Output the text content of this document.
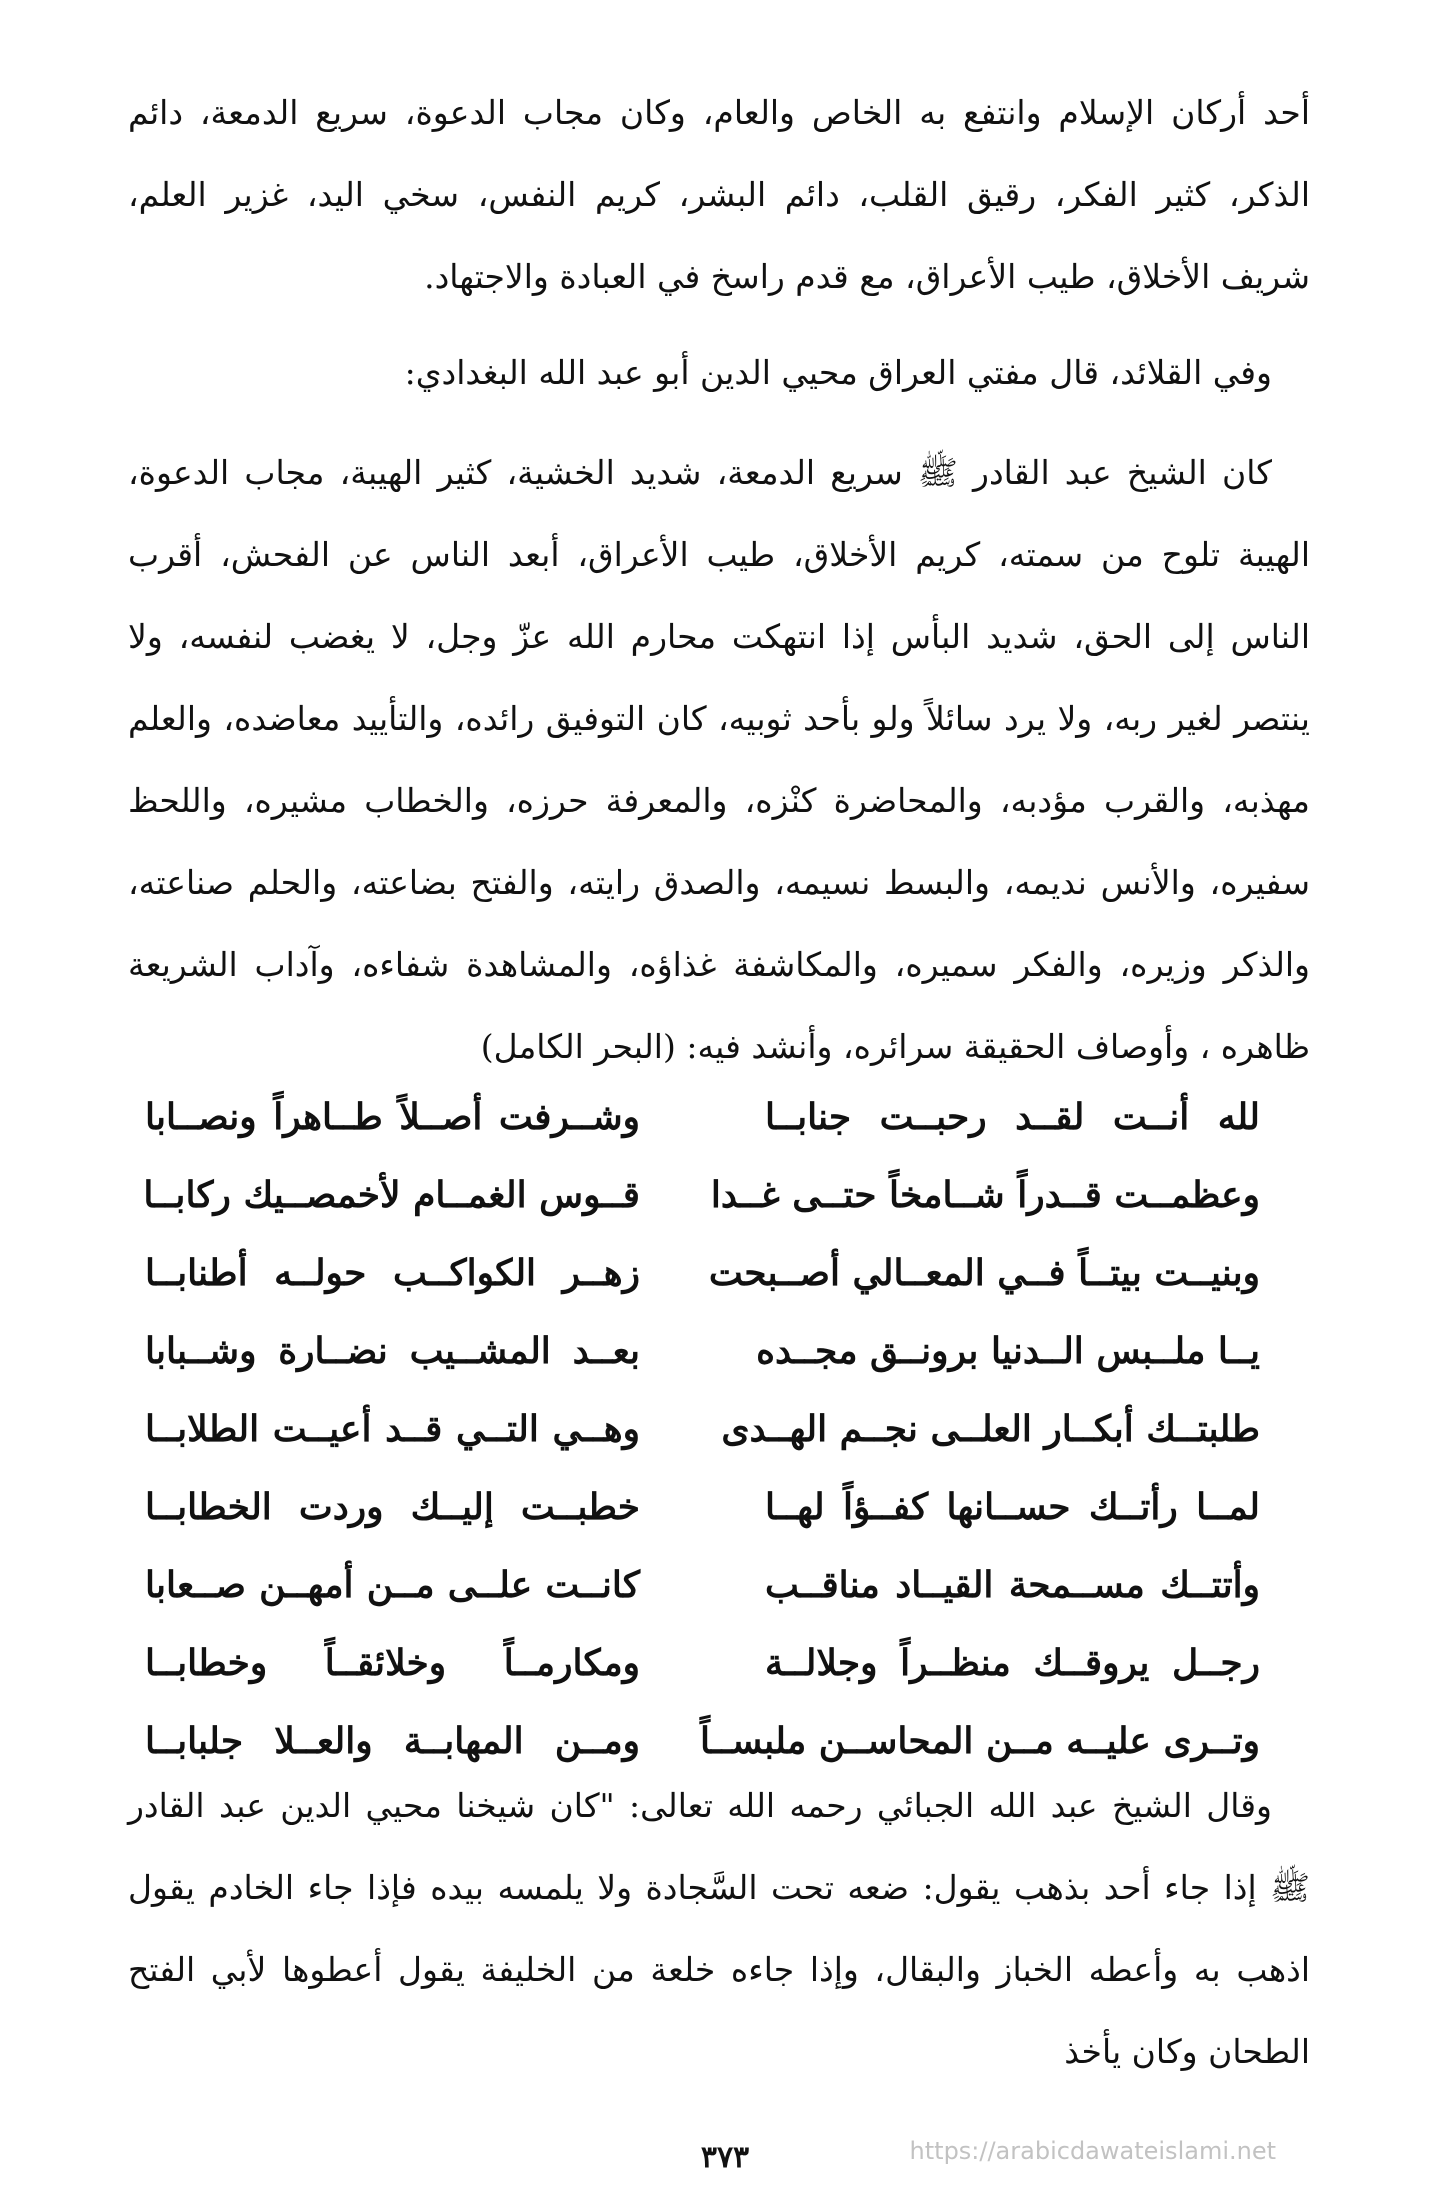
أحد أركان الإسلام وانتفع به الخاص والعام، وكان مجاب الدعوة، سريع الدمعة، دائم الذكر، كثير الفكر، رقيق القلب، دائم البشر، كريم النفس، سخي اليد، غزير العلم، شريف الأخلاق، طيب الأعراق، مع قدم راسخ في العبادة والاجتهاد.

وفي القلائد، قال مفتي العراق محيي الدين أبو عبد الله البغدادي:

كان الشيخ عبد القادر ﷺ سريع الدمعة، شديد الخشية، كثير الهيبة، مجاب الدعوة، الهيبة تلوح من سمته، كريم الأخلاق، طيب الأعراق، أبعد الناس عن الفحش، أقرب الناس إلى الحق، شديد البأس إذا انتهكت محارم الله عزّ وجل، لا يغضب لنفسه، ولا ينتصر لغير ربه، ولا يرد سائلاً ولو بأحد ثوبيه، كان التوفيق رائده، والتأييد معاضده، والعلم مهذبه، والقرب مؤدبه، والمحاضرة كنْزه، والمعرفة حرزه، والخطاب مشيره، واللحظ سفيره، والأنس نديمه، والبسط نسيمه، والصدق رايته، والفتح بضاعته، والحلم صناعته، والذكر وزيره، والفكر سميره، والمكاشفة غذاؤه، والمشاهدة شفاءه، وآداب الشريعة ظاهره ، وأوصاف الحقيقة سرائره، وأنشد فيه: (البحر الكامل)

لله أنــت لقــد رحبــت جنابــا
وشــرفت أصــلاً طــاهراً ونصــابا
وعظمــت قــدراً شــامخاً حتــى غــدا
قــوس الغمــام لأخمصــيك ركابــا
وبنيــت بيتــاً فــي المعــالي أصــبحت
زهــر الكواكــب حولــه أطنابــا
يــا ملــبس الــدنيا برونــق مجــده
بعــد المشــيب نضــارة وشــبابا
طلبتــك أبكــار العلــى نجــم الهــدى
وهــي التــي قــد أعيــت الطلابــا
لمــا رأتــك حســانها كفــؤاً لهــا
خطبــت إليــك وردت الخطابــا
وأتتــك مســمحة القيــاد مناقــب
كانــت علــى مــن أمهــن صــعابا
رجــل يروقــك منظــراً وجلالــة
ومكارمــاً وخلائقــاً وخطابــا
وتــرى عليــه مــن المحاســن ملبســاً
ومــن المهابــة والعــلا جلبابــا

وقال الشيخ عبد الله الجبائي رحمه الله تعالى: "كان شيخنا محيي الدين عبد القادر ﷺ إذا جاء أحد بذهب يقول: ضعه تحت السَّجادة ولا يلمسه بيده فإذا جاء الخادم يقول اذهب به وأعطه الخباز والبقال، وإذا جاءه خلعة من الخليفة يقول أعطوها لأبي الفتح الطحان وكان يأخذ

٣٧٣	https://arabicdawateislami.net
